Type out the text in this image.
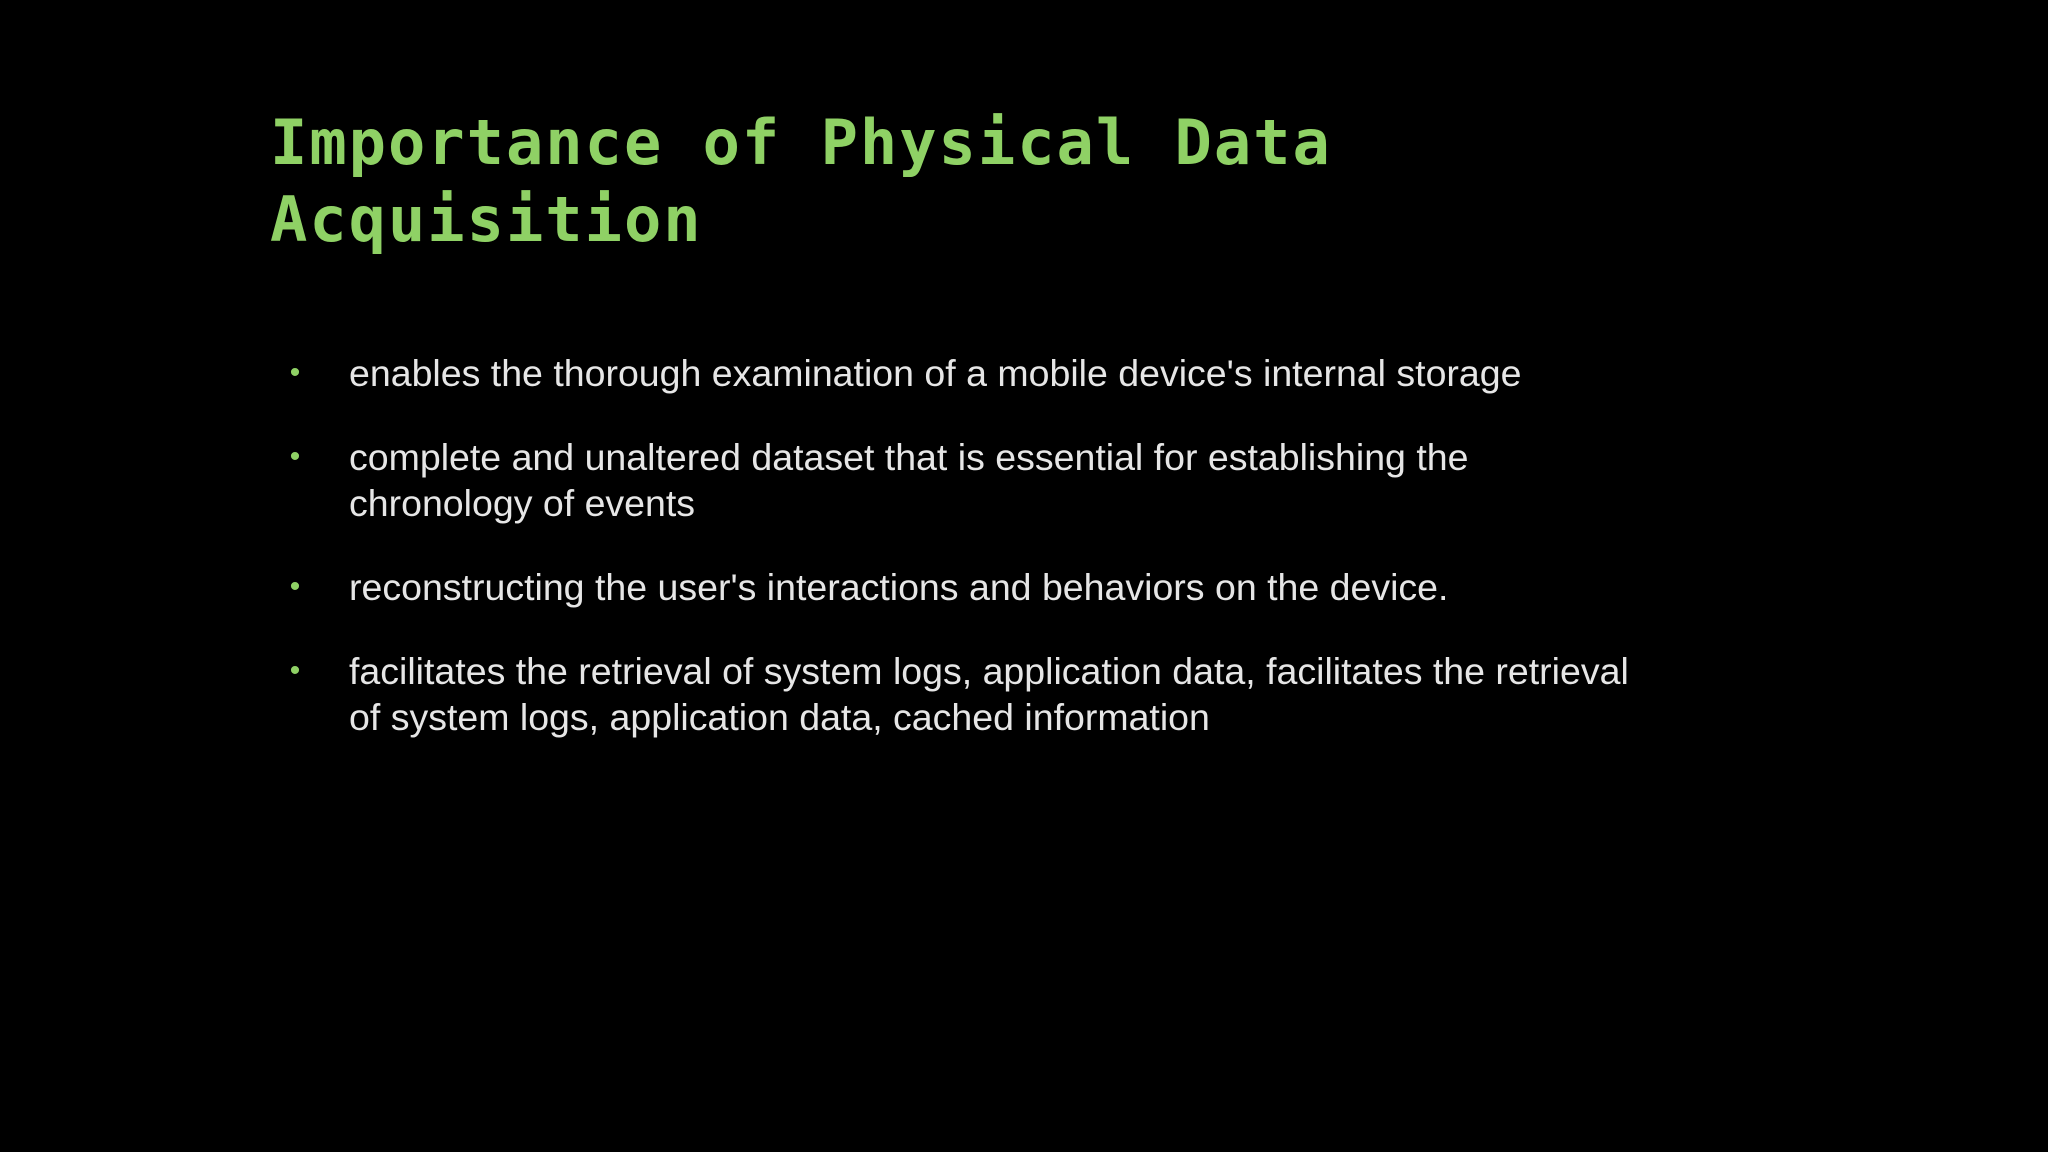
Importance of Physical Data
Acquisition
•	enables the thorough examination of a mobile device's internal storage
•	complete and unaltered dataset that is essential for establishing the
chronology of events
•	reconstructing the user's interactions and behaviors on the device.
•	facilitates the retrieval of system logs, application data, facilitates the retrieval
of system logs, application data, cached information
